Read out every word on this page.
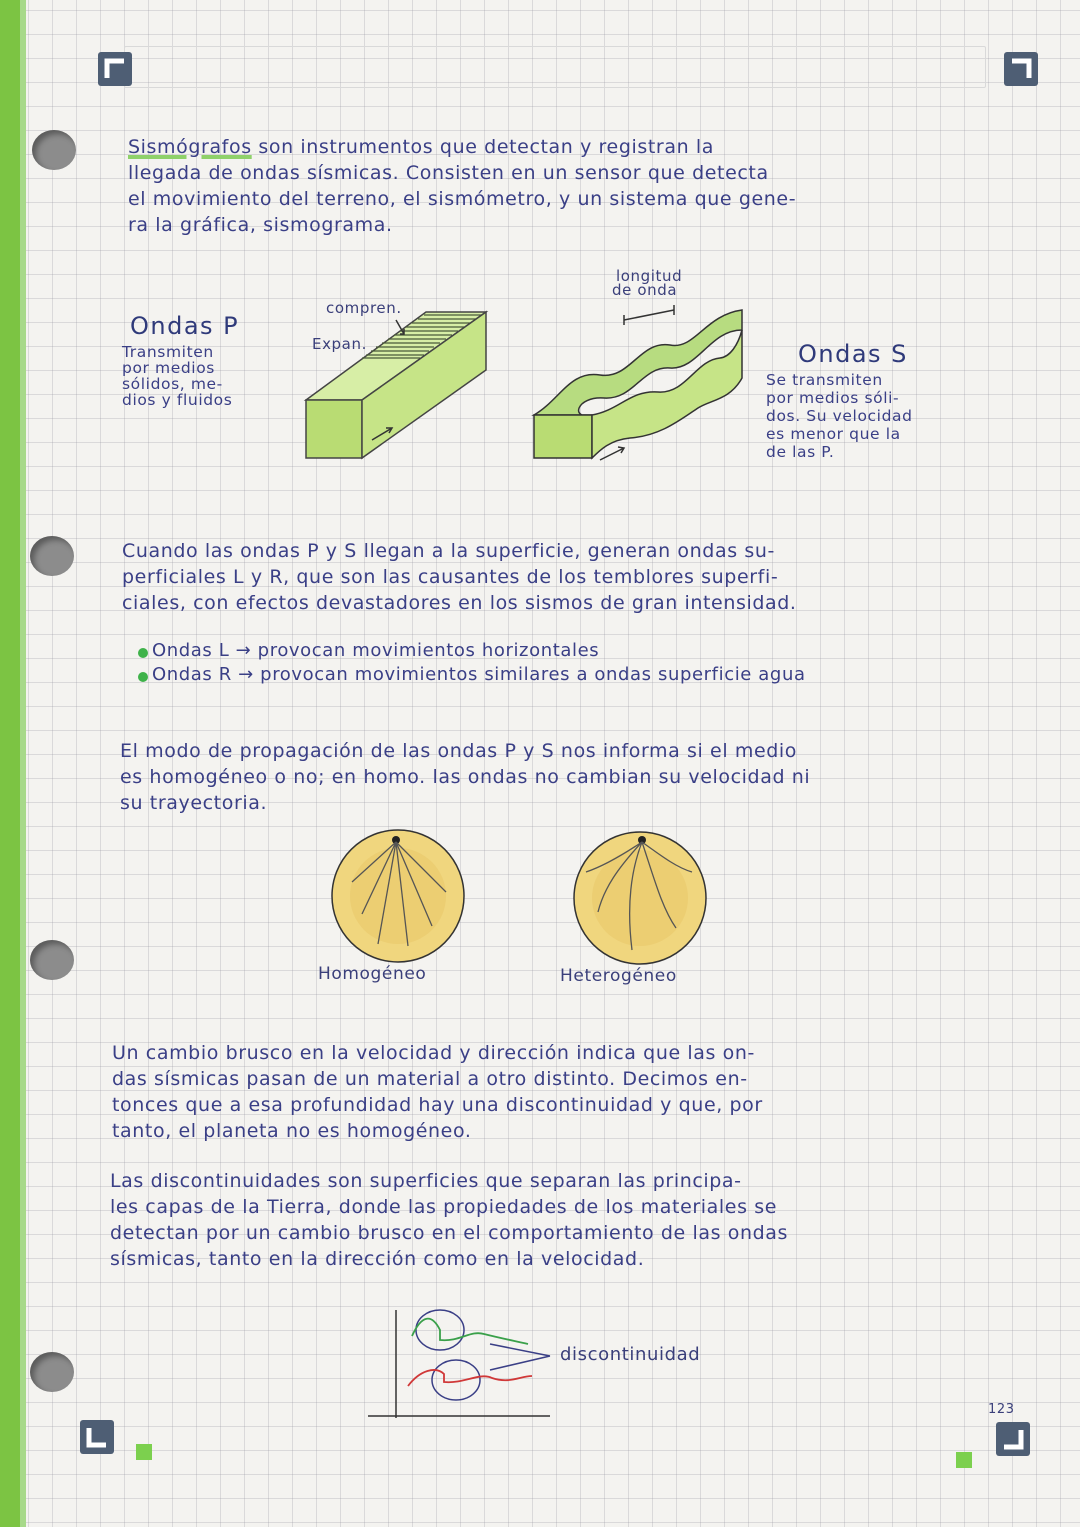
Sismógrafos son instrumentos que detectan y registran la
llegada de ondas sísmicas. Consisten en un sensor que detecta
el movimiento del terreno, el sismómetro, y un sistema que gene-
ra la gráfica, sismograma.
Ondas P
Transmiten
por medios
sólidos, me-
dios y fluidos
compren.
Expan.
longitud
de onda
Ondas S
Se transmiten
por medios sóli-
dos. Su velocidad
es menor que la
de las P.
Cuando las ondas P y S llegan a la superficie, generan ondas su-
perficiales L y R, que son las causantes de los temblores superfi-
ciales, con efectos devastadores en los sismos de gran intensidad.
Ondas L → provocan movimientos horizontales
Ondas R → provocan movimientos similares a ondas superficie agua
El modo de propagación de las ondas P y S nos informa si el medio
es homogéneo o no; en homo. las ondas no cambian su velocidad ni
su trayectoria.
Homogéneo	Heterogéneo
Un cambio brusco en la velocidad y dirección indica que las on-
das sísmicas pasan de un material a otro distinto. Decimos en-
tonces que a esa profundidad hay una discontinuidad y que, por
tanto, el planeta no es homogéneo.
Las discontinuidades son superficies que separan las principa-
les capas de la Tierra, donde las propiedades de los materiales se
detectan por un cambio brusco en el comportamiento de las ondas
sísmicas, tanto en la dirección como en la velocidad.
discontinuidad
123
